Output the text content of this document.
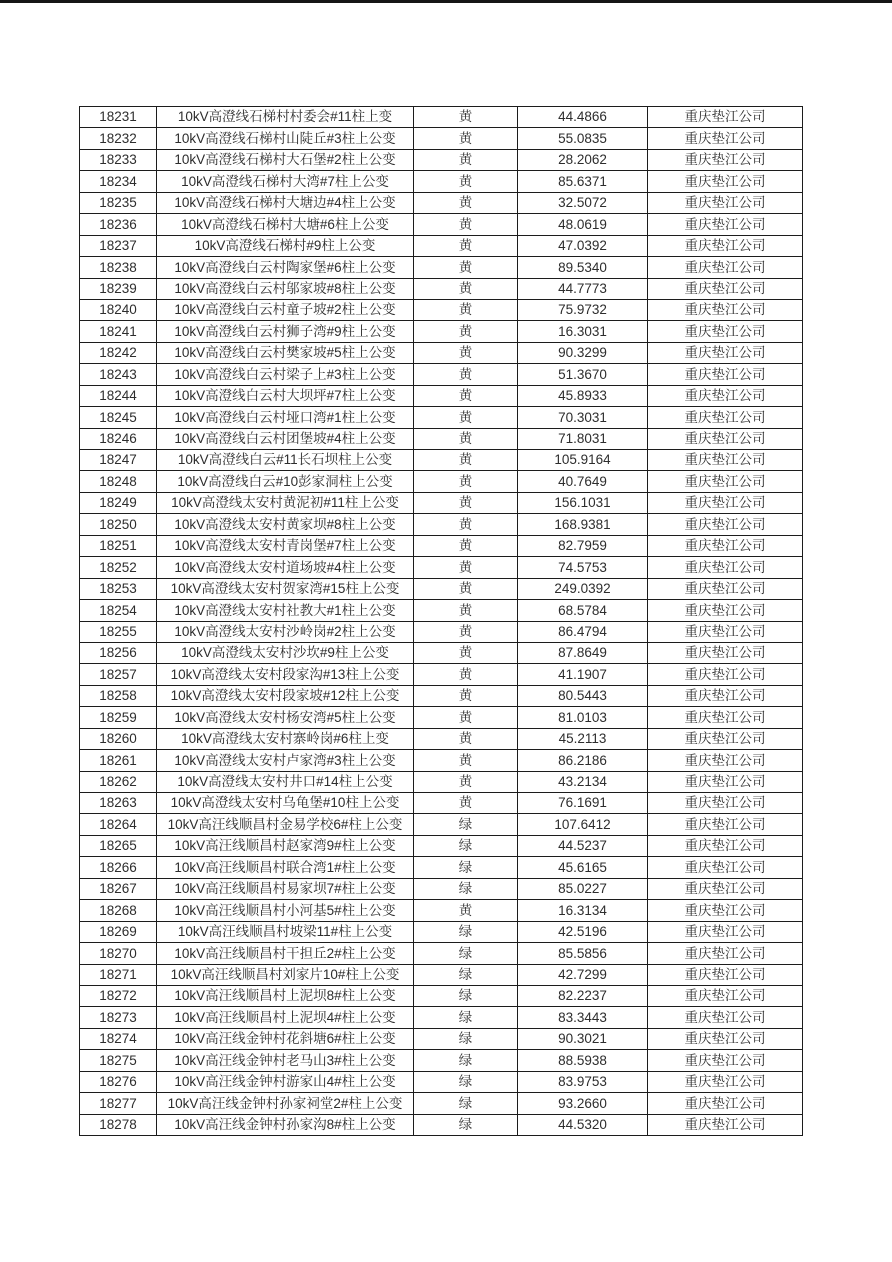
18231	10kV高澄线石梯村村委会#11柱上变	黄	44.4866	重庆垫江公司
18232	10kV高澄线石梯村山陡丘#3柱上公变	黄	55.0835	重庆垫江公司
18233	10kV高澄线石梯村大石堡#2柱上公变	黄	28.2062	重庆垫江公司
18234	10kV高澄线石梯村大湾#7柱上公变	黄	85.6371	重庆垫江公司
18235	10kV高澄线石梯村大塘边#4柱上公变	黄	32.5072	重庆垫江公司
18236	10kV高澄线石梯村大塘#6柱上公变	黄	48.0619	重庆垫江公司
18237	10kV高澄线石梯村#9柱上公变	黄	47.0392	重庆垫江公司
18238	10kV高澄线白云村陶家堡#6柱上公变	黄	89.5340	重庆垫江公司
18239	10kV高澄线白云村邬家坡#8柱上公变	黄	44.7773	重庆垫江公司
18240	10kV高澄线白云村童子坡#2柱上公变	黄	75.9732	重庆垫江公司
18241	10kV高澄线白云村狮子湾#9柱上公变	黄	16.3031	重庆垫江公司
18242	10kV高澄线白云村樊家坡#5柱上公变	黄	90.3299	重庆垫江公司
18243	10kV高澄线白云村梁子上#3柱上公变	黄	51.3670	重庆垫江公司
18244	10kV高澄线白云村大坝坪#7柱上公变	黄	45.8933	重庆垫江公司
18245	10kV高澄线白云村垭口湾#1柱上公变	黄	70.3031	重庆垫江公司
18246	10kV高澄线白云村团堡坡#4柱上公变	黄	71.8031	重庆垫江公司
18247	10kV高澄线白云#11长石坝柱上公变	黄	105.9164	重庆垫江公司
18248	10kV高澄线白云#10彭家洞柱上公变	黄	40.7649	重庆垫江公司
18249	10kV高澄线太安村黄泥初#11柱上公变	黄	156.1031	重庆垫江公司
18250	10kV高澄线太安村黄家坝#8柱上公变	黄	168.9381	重庆垫江公司
18251	10kV高澄线太安村青岗堡#7柱上公变	黄	82.7959	重庆垫江公司
18252	10kV高澄线太安村道场坡#4柱上公变	黄	74.5753	重庆垫江公司
18253	10kV高澄线太安村贺家湾#15柱上公变	黄	249.0392	重庆垫江公司
18254	10kV高澄线太安村社教大#1柱上公变	黄	68.5784	重庆垫江公司
18255	10kV高澄线太安村沙岭岗#2柱上公变	黄	86.4794	重庆垫江公司
18256	10kV高澄线太安村沙坎#9柱上公变	黄	87.8649	重庆垫江公司
18257	10kV高澄线太安村段家沟#13柱上公变	黄	41.1907	重庆垫江公司
18258	10kV高澄线太安村段家坡#12柱上公变	黄	80.5443	重庆垫江公司
18259	10kV高澄线太安村杨安湾#5柱上公变	黄	81.0103	重庆垫江公司
18260	10kV高澄线太安村寨岭岗#6柱上变	黄	45.2113	重庆垫江公司
18261	10kV高澄线太安村卢家湾#3柱上公变	黄	86.2186	重庆垫江公司
18262	10kV高澄线太安村井口#14柱上公变	黄	43.2134	重庆垫江公司
18263	10kV高澄线太安村乌龟堡#10柱上公变	黄	76.1691	重庆垫江公司
18264	10kV高汪线顺昌村金易学校6#柱上公变	绿	107.6412	重庆垫江公司
18265	10kV高汪线顺昌村赵家湾9#柱上公变	绿	44.5237	重庆垫江公司
18266	10kV高汪线顺昌村联合湾1#柱上公变	绿	45.6165	重庆垫江公司
18267	10kV高汪线顺昌村易家坝7#柱上公变	绿	85.0227	重庆垫江公司
18268	10kV高汪线顺昌村小河基5#柱上公变	黄	16.3134	重庆垫江公司
18269	10kV高汪线顺昌村坡梁11#柱上公变	绿	42.5196	重庆垫江公司
18270	10kV高汪线顺昌村干担丘2#柱上公变	绿	85.5856	重庆垫江公司
18271	10kV高汪线顺昌村刘家片10#柱上公变	绿	42.7299	重庆垫江公司
18272	10kV高汪线顺昌村上泥坝8#柱上公变	绿	82.2237	重庆垫江公司
18273	10kV高汪线顺昌村上泥坝4#柱上公变	绿	83.3443	重庆垫江公司
18274	10kV高汪线金钟村花斜塘6#柱上公变	绿	90.3021	重庆垫江公司
18275	10kV高汪线金钟村老马山3#柱上公变	绿	88.5938	重庆垫江公司
18276	10kV高汪线金钟村游家山4#柱上公变	绿	83.9753	重庆垫江公司
18277	10kV高汪线金钟村孙家祠堂2#柱上公变	绿	93.2660	重庆垫江公司
18278	10kV高汪线金钟村孙家沟8#柱上公变	绿	44.5320	重庆垫江公司
